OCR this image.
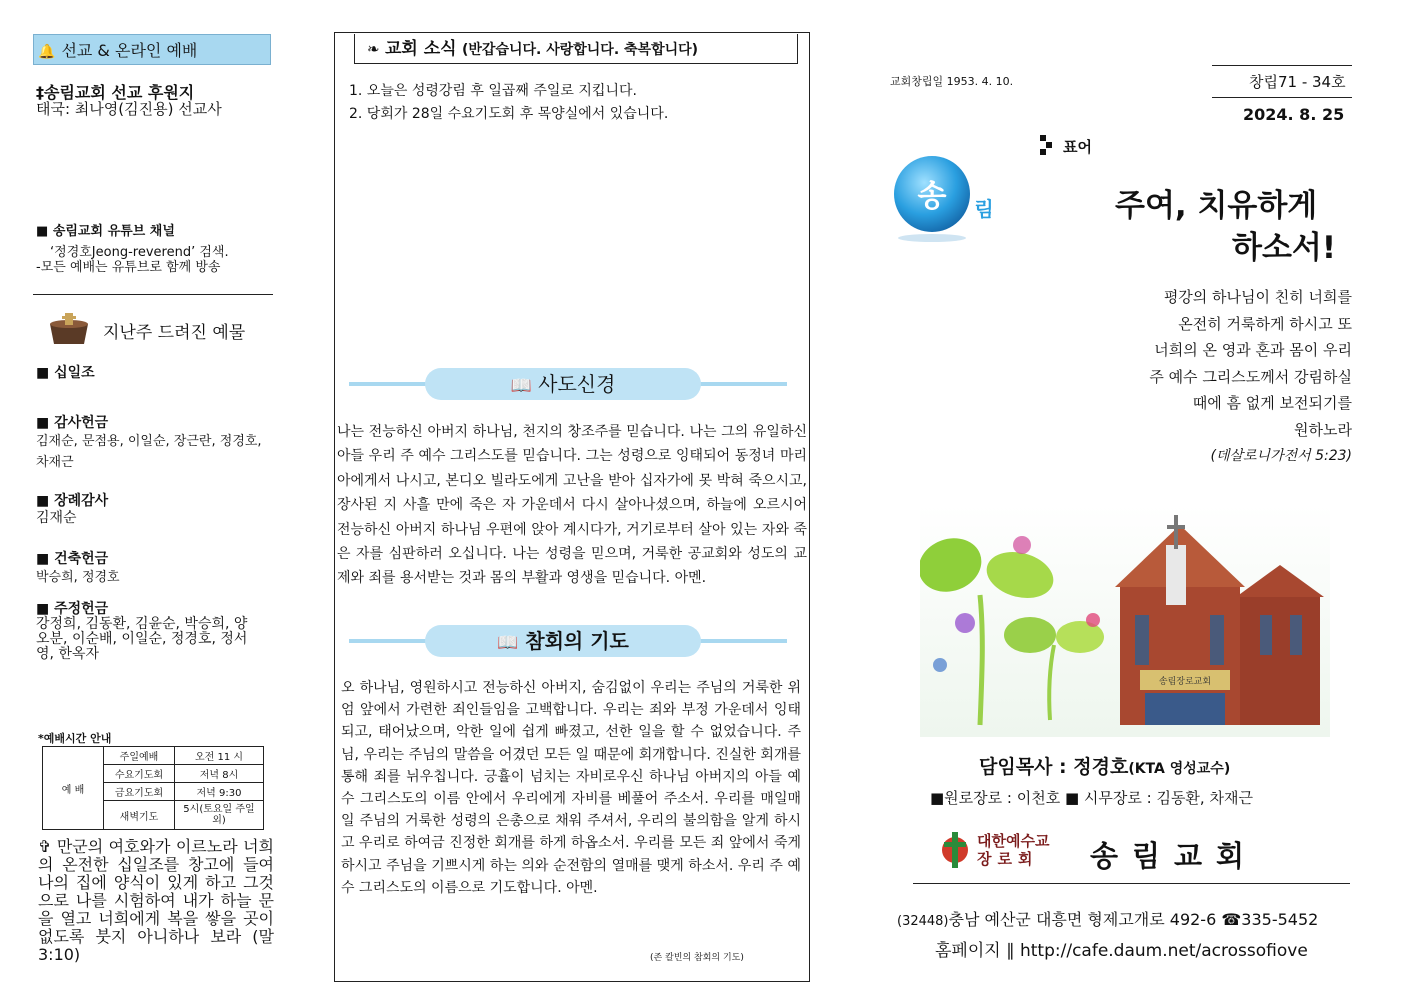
🔔 선교 & 온라인 예배
‡송림교회 선교 후원지
태국: 최나영(김진용) 선교사
■ 송림교회 유튜브 채널
‘정경호Jeong-reverend’ 검색.
-모든 예배는 유튜브로 함께 방송
지난주 드려진 예물
■ 십일조
■ 감사헌금
김재순, 문점용, 이일순, 장근란, 정경호, 차재근
■ 장례감사
김재순
■ 건축헌금
박승희, 정경호
■ 주정헌금
강정희, 김동환, 김윤순, 박승희, 양오분, 이순배, 이일순, 정경호, 정서영, 한옥자
*예배시간 안내
예 배	주일예배	오전 11 시
	수요기도회	저녁 8시
	금요기도회	저녁 9:30
	새벽기도	5시(토요일 주일 외)
✞ 만군의 여호와가 이르노라 너희의 온전한 십일조를 창고에 들여 나의 집에 양식이 있게 하고 그것으로 나를 시험하여 내가 하늘 문을 열고 너희에게 복을 쌓을 곳이 없도록 붓지 아니하나 보라 (말 3:10)
❧ 교회 소식 (반갑습니다. 사랑합니다. 축복합니다)
1. 오늘은 성령강림 후 일곱째 주일로 지킵니다.
2. 당회가 28일 수요기도회 후 목양실에서 있습니다.
📖 사도신경
나는 전능하신 아버지 하나님, 천지의 창조주를 믿습니다. 나는 그의 유일하신 아들 우리 주 예수 그리스도를 믿습니다. 그는 성령으로 잉태되어 동정녀 마리아에게서 나시고, 본디오 빌라도에게 고난을 받아 십자가에 못 박혀 죽으시고, 장사된 지 사흘 만에 죽은 자 가운데서 다시 살아나셨으며, 하늘에 오르시어 전능하신 아버지 하나님 우편에 앉아 계시다가, 거기로부터 살아 있는 자와 죽은 자를 심판하러 오십니다. 나는 성령을 믿으며, 거룩한 공교회와 성도의 교제와 죄를 용서받는 것과 몸의 부활과 영생을 믿습니다. 아멘.
📖 참회의 기도
오 하나님, 영원하시고 전능하신 아버지, 숨김없이 우리는 주님의 거룩한 위엄 앞에서 가련한 죄인들임을 고백합니다. 우리는 죄와 부정 가운데서 잉태되고, 태어났으며, 악한 일에 쉽게 빠졌고, 선한 일을 할 수 없었습니다. 주님, 우리는 주님의 말씀을 어겼던 모든 일 때문에 회개합니다. 진실한 회개를 통해 죄를 뉘우칩니다. 긍휼이 넘치는 자비로우신 하나님 아버지의 아들 예수 그리스도의 이름 안에서 우리에게 자비를 베풀어 주소서. 우리를 매일매일 주님의 거룩한 성령의 은총으로 채워 주셔서, 우리의 불의함을 알게 하시고 우리로 하여금 진정한 회개를 하게 하옵소서. 우리를 모든 죄 앞에서 죽게 하시고 주님을 기쁘시게 하는 의와 순전함의 열매를 맺게 하소서. 우리 주 예수 그리스도의 이름으로 기도합니다. 아멘.
(존 칼빈의 참회의 기도)
교회창립일 1953. 4. 10.	창립71 - 34호
2024. 8. 25
송 림
표어
주여, 치유하게
하소서!
평강의 하나님이 친히 너희를
온전히 거룩하게 하시고 또
너희의 온 영과 혼과 몸이 우리
주 예수 그리스도께서 강림하실
때에 흠 없게 보전되기를
원하노라
(데살로니가전서 5:23)
송림장로교회
담임목사 : 정경호(KTA 영성교수)
■원로장로 : 이천호 ■ 시무장로 : 김동환, 차재근
대한예수교
장로회 송림교회
(32448)충남 예산군 대흥면 형제고개로 492-6 ☎335-5452
홈페이지 ∥ http://cafe.daum.net/acrossofiove
